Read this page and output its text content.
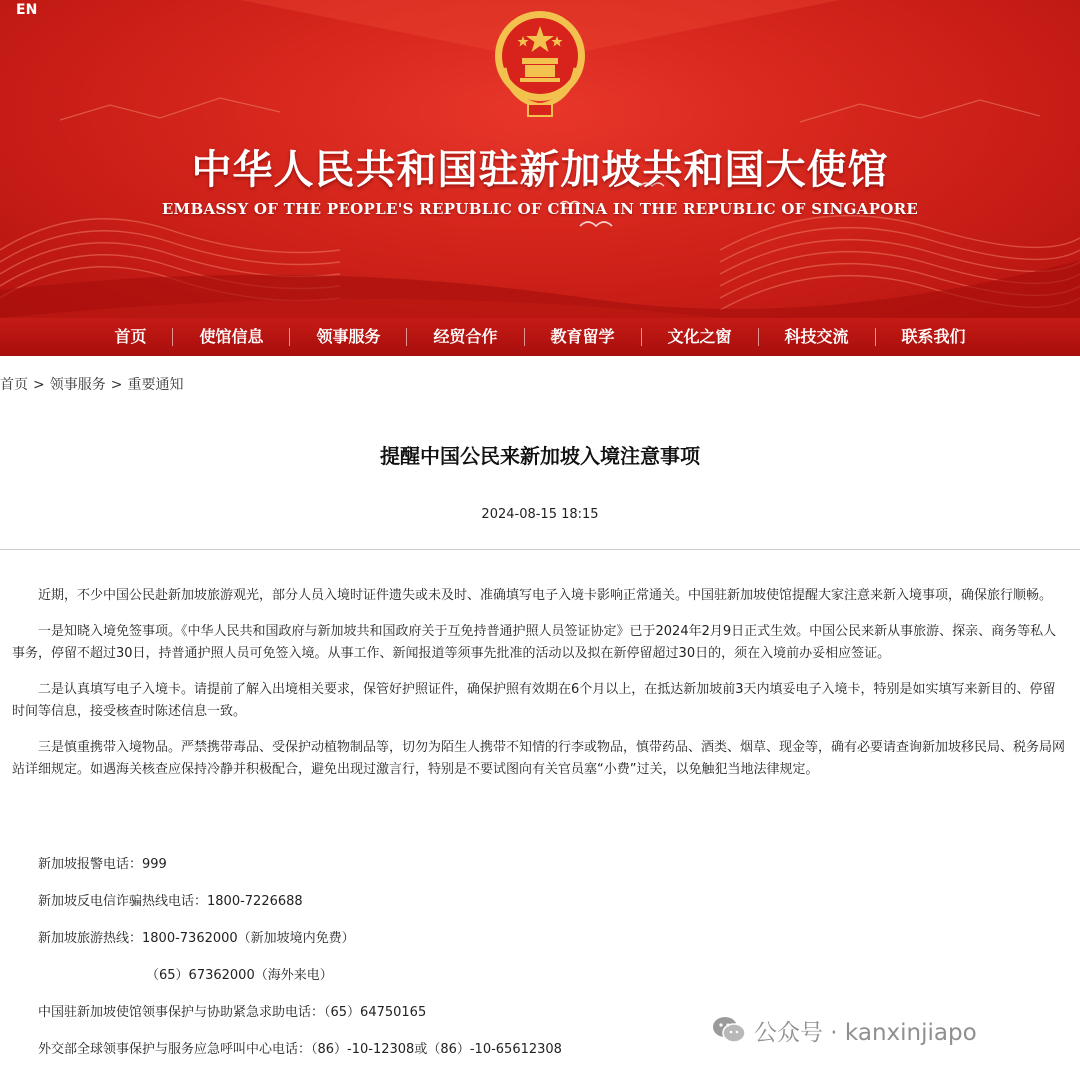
EN
中华人民共和国驻新加坡共和国大使馆
EMBASSY OF THE PEOPLE'S REPUBLIC OF CHINA IN THE REPUBLIC OF SINGAPORE
首页	使馆信息	领事服务	经贸合作	教育留学	文化之窗	科技交流	联系我们
首页 > 领事服务 > 重要通知
提醒中国公民来新加坡入境注意事项
2024-08-15 18:15

近期，不少中国公民赴新加坡旅游观光，部分人员入境时证件遗失或未及时、准确填写电子入境卡影响正常通关。中国驻新加坡使馆提醒大家注意来新入境事项，确保旅行顺畅。

一是知晓入境免签事项。《中华人民共和国政府与新加坡共和国政府关于互免持普通护照人员签证协定》已于2024年2月9日正式生效。中国公民来新从事旅游、探亲、商务等私人事务，停留不超过30日，持普通护照人员可免签入境。从事工作、新闻报道等须事先批准的活动以及拟在新停留超过30日的，须在入境前办妥相应签证。

二是认真填写电子入境卡。请提前了解入出境相关要求，保管好护照证件，确保护照有效期在6个月以上，在抵达新加坡前3天内填妥电子入境卡，特别是如实填写来新目的、停留时间等信息，接受核查时陈述信息一致。

三是慎重携带入境物品。严禁携带毒品、受保护动植物制品等，切勿为陌生人携带不知情的行李或物品，慎带药品、酒类、烟草、现金等，确有必要请查询新加坡移民局、税务局网站详细规定。如遇海关核查应保持冷静并积极配合，避免出现过激言行，特别是不要试图向有关官员塞“小费”过关，以免触犯当地法律规定。

新加坡报警电话：999
新加坡反电信诈骗热线电话：1800-7226688
新加坡旅游热线：1800-7362000（新加坡境内免费）
（65）67362000（海外来电）
中国驻新加坡使馆领事保护与协助紧急求助电话：（65）64750165
外交部全球领事保护与服务应急呼叫中心电话：（86）-10-12308或（86）-10-65612308
公众号 · kanxinjiapo
